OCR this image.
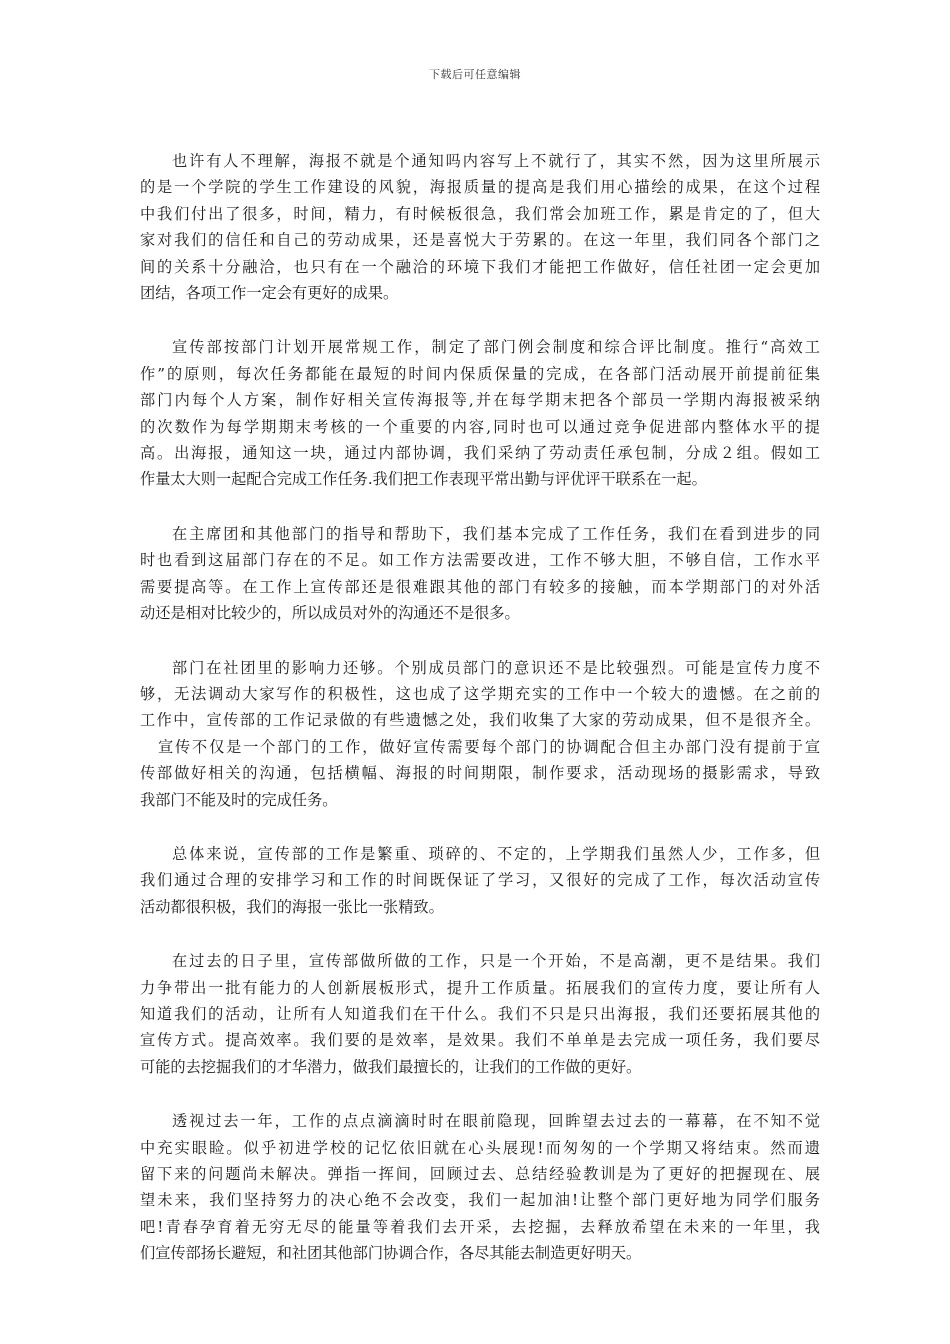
下载后可任意编辑

也许有人不理解，海报不就是个通知吗内容写上不就行了，其实不然，因为这里所展示
的是一个学院的学生工作建设的风貌，海报质量的提高是我们用心描绘的成果，在这个过程
中我们付出了很多，时间，精力，有时候板很急，我们常会加班工作，累是肯定的了，但大
家对我们的信任和自己的劳动成果，还是喜悦大于劳累的。在这一年里，我们同各个部门之
间的关系十分融洽，也只有在一个融洽的环境下我们才能把工作做好，信任社团一定会更加
团结，各项工作一定会有更好的成果。

宣传部按部门计划开展常规工作，制定了部门例会制度和综合评比制度。推行“高效工
作”的原则，每次任务都能在最短的时间内保质保量的完成，在各部门活动展开前提前征集
部门内每个人方案，制作好相关宣传海报等,并在每学期末把各个部员一学期内海报被采纳
的次数作为每学期期末考核的一个重要的内容,同时也可以通过竞争促进部内整体水平的提
高。出海报，通知这一块，通过内部协调，我们采纳了劳动责任承包制，分成２组。假如工
作量太大则一起配合完成工作任务.我们把工作表现平常出勤与评优评干联系在一起。

在主席团和其他部门的指导和帮助下，我们基本完成了工作任务，我们在看到进步的同
时也看到这届部门存在的不足。如工作方法需要改进，工作不够大胆，不够自信，工作水平
需要提高等。在工作上宣传部还是很难跟其他的部门有较多的接触，而本学期部门的对外活
动还是相对比较少的，所以成员对外的沟通还不是很多。

部门在社团里的影响力还够。个别成员部门的意识还不是比较强烈。可能是宣传力度不
够，无法调动大家写作的积极性，这也成了这学期充实的工作中一个较大的遗憾。在之前的
工作中，宣传部的工作记录做的有些遗憾之处，我们收集了大家的劳动成果，但不是很齐全。
宣传不仅是一个部门的工作，做好宣传需要每个部门的协调配合但主办部门没有提前于宣
传部做好相关的沟通，包括横幅、海报的时间期限，制作要求，活动现场的摄影需求，导致
我部门不能及时的完成任务。

总体来说，宣传部的工作是繁重、琐碎的、不定的，上学期我们虽然人少，工作多，但
我们通过合理的安排学习和工作的时间既保证了学习，又很好的完成了工作，每次活动宣传
活动都很积极，我们的海报一张比一张精致。

在过去的日子里，宣传部做所做的工作，只是一个开始，不是高潮，更不是结果。我们
力争带出一批有能力的人创新展板形式，提升工作质量。拓展我们的宣传力度，要让所有人
知道我们的活动，让所有人知道我们在干什么。我们不只是只出海报，我们还要拓展其他的
宣传方式。提高效率。我们要的是效率，是效果。我们不单单是去完成一项任务，我们要尽
可能的去挖掘我们的才华潜力，做我们最擅长的，让我们的工作做的更好。

透视过去一年，工作的点点滴滴时时在眼前隐现，回眸望去过去的一幕幕，在不知不觉
中充实眼睑。似乎初进学校的记忆依旧就在心头展现!而匆匆的一个学期又将结束。然而遗
留下来的问题尚未解决。弹指一挥间，回顾过去、总结经验教训是为了更好的把握现在、展
望未来，我们坚持努力的决心绝不会改变，我们一起加油!让整个部门更好地为同学们服务
吧!青春孕育着无穷无尽的能量等着我们去开采，去挖掘，去释放希望在未来的一年里，我
们宣传部扬长避短，和社团其他部门协调合作，各尽其能去制造更好明天。
